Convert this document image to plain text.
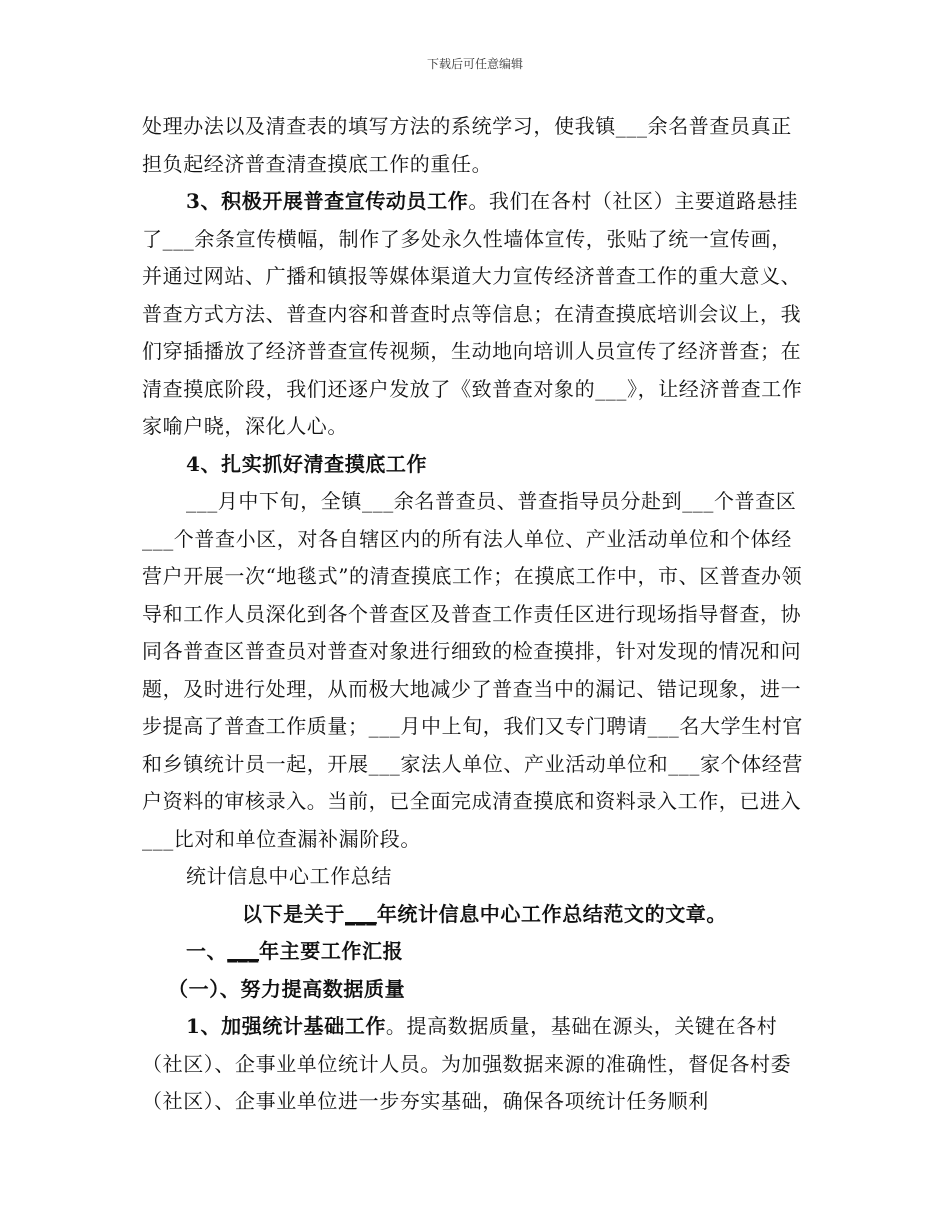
下载后可任意编辑

处理办法以及清查表的填写方法的系统学习，使我镇___余名普查员真正担负起经济普查清查摸底工作的重任。

3、积极开展普查宣传动员工作。我们在各村（社区）主要道路悬挂了___余条宣传横幅，制作了多处永久性墙体宣传，张贴了统一宣传画，并通过网站、广播和镇报等媒体渠道大力宣传经济普查工作的重大意义、普查方式方法、普查内容和普查时点等信息；在清查摸底培训会议上，我们穿插播放了经济普查宣传视频，生动地向培训人员宣传了经济普查；在清查摸底阶段，我们还逐户发放了《致普查对象的___》，让经济普查工作家喻户晓，深化人心。

4、扎实抓好清查摸底工作

___月中下旬，全镇___余名普查员、普查指导员分赴到___个普查区___个普查小区，对各自辖区内的所有法人单位、产业活动单位和个体经营户开展一次“地毯式”的清查摸底工作；在摸底工作中，市、区普查办领导和工作人员深化到各个普查区及普查工作责任区进行现场指导督查，协同各普查区普查员对普查对象进行细致的检查摸排，针对发现的情况和问题，及时进行处理，从而极大地减少了普查当中的漏记、错记现象，进一步提高了普查工作质量；___月中上旬，我们又专门聘请___名大学生村官和乡镇统计员一起，开展___家法人单位、产业活动单位和___家个体经营户资料的审核录入。当前，已全面完成清查摸底和资料录入工作，已进入___比对和单位查漏补漏阶段。

统计信息中心工作总结

以下是关于___年统计信息中心工作总结范文的文章。

一、___年主要工作汇报

（一）、努力提高数据质量

1、加强统计基础工作。提高数据质量，基础在源头，关键在各村（社区）、企事业单位统计人员。为加强数据来源的准确性，督促各村委（社区）、企事业单位进一步夯实基础，确保各项统计任务顺利
